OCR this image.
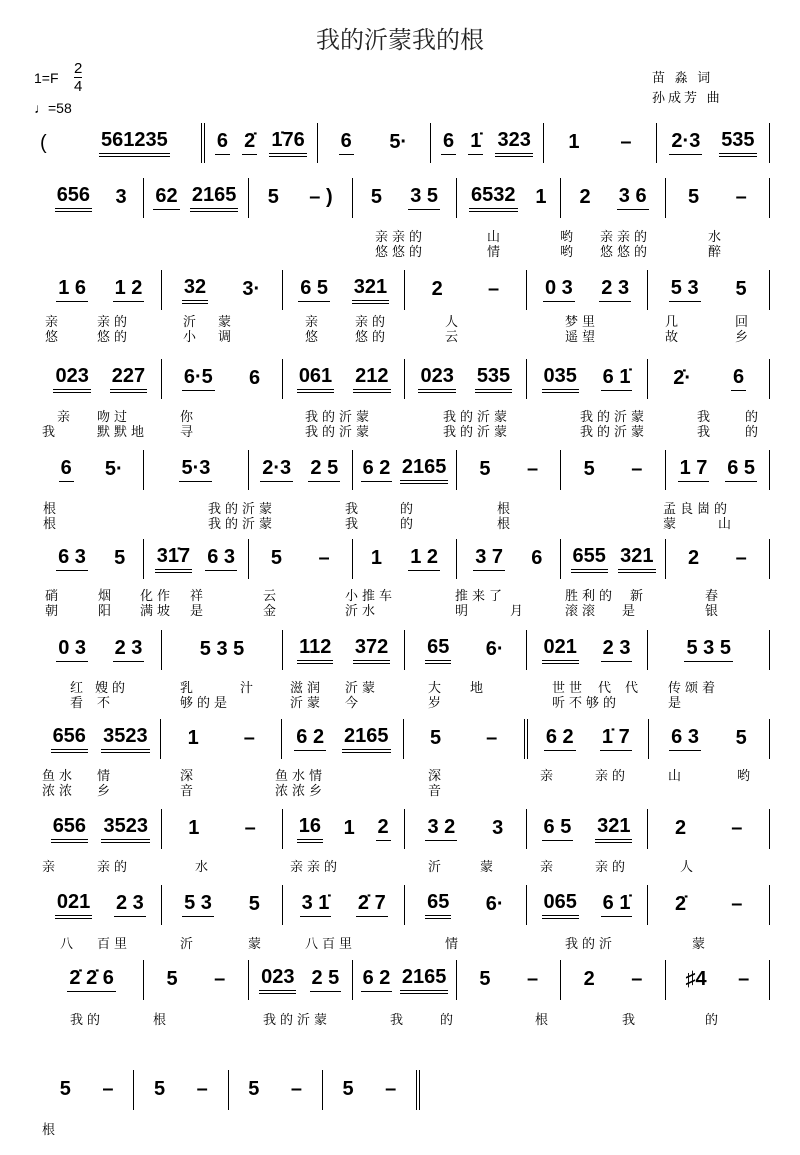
我的沂蒙我的根
1=F
2
4
♩=58
苗 淼 词
孙成芳 曲
(	561235 6 2̇ 1̇76 6 5· 6 1̇ 323 1 – 2·3 535
656 3 62 2165 5 – ) 5 3 5 6532 1 2 3 6 5 –
1 6 1 2 32 3· 6 5 321 2 – 0 3 2 3 5 3 5
023 227 6·5 6 061 212 023 535 035 6 1̇ 2̇· 6
6 5·	5·3	2·3 2 5 6 2 2165 5 – 5 – 1 7 6 5
6 3 5 31̇7 6 3 5 – 1 1 2 3 7 6 655 321 2 –
0 3 2 3	5 3 5	112 372 65 6· 021 2 3	5 3 5
656 3523 1 – 6 2 2165 5 – 6 2 1̇ 7 6 3 5
656 3523 1 – 16 1 2 3 2 3 6 5 321 2 –
021 2 3 5 3 5 3 1̇ 2̇ 7 65 6· 065 6 1̇ 2̇ –
2̇ 2̇ 6	5 – 023 2 5 6 2 2165 5 – 2 – ♯4 –
5 – 5 – 5 – 5 –
亲亲的	山	哟 亲亲的	水
悠悠的	情	哟 悠悠的	醉
亲	亲的	沂 蒙	亲	亲的	人	梦里	几	回
悠	悠的	小 调	悠	悠的	云	遥望	故	乡
亲 吻过	你	我的沂蒙	我的沂蒙	我的沂蒙	我 的
我	默默地 寻	我的沂蒙	我的沂蒙	我的沂蒙	我 的
根	我的沂蒙	我	的	根	孟良崮的
根	我的沂蒙	我	的	根	蒙	山
硝	烟 化作 祥	云	小推车	推来了	胜利的 新	春
朝	阳 满坡 是	金	沂水	明	月	滚滚 是	银
红 嫂的	乳	汁	滋润 沂蒙	大 地	世世 代 代 传颂着
看 不	够的是	沂蒙 今	岁	听不够的	是
鱼水 情	深	鱼水情	深	亲	亲的	山	哟
浓浓 乡	音	浓浓乡	音
亲	亲的	水	亲亲的	沂	蒙	亲	亲的	人
八 百里	沂	蒙	八百里	情	我的沂	蒙
我的	根	我的沂蒙	我	的	根	我	的
根
